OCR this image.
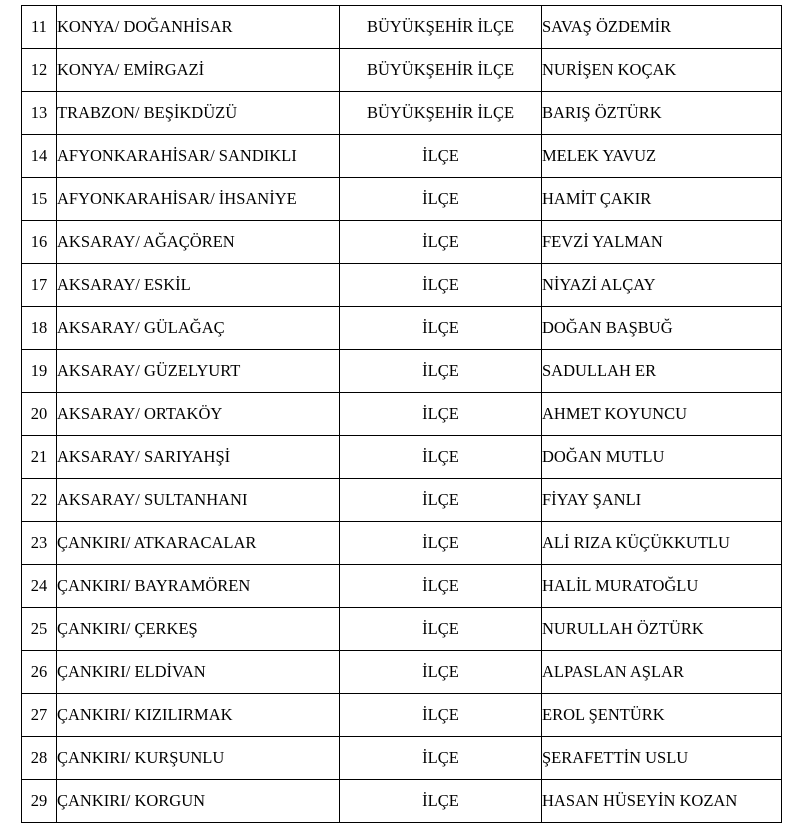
11	KONYA/ DOĞANHİSAR	BÜYÜKŞEHİR İLÇE	SAVAŞ ÖZDEMİR
12	KONYA/ EMİRGAZİ	BÜYÜKŞEHİR İLÇE	NURİŞEN KOÇAK
13	TRABZON/ BEŞİKDÜZÜ	BÜYÜKŞEHİR İLÇE	BARIŞ ÖZTÜRK
14	AFYONKARAHİSAR/ SANDIKLI	İLÇE	MELEK YAVUZ
15	AFYONKARAHİSAR/ İHSANİYE	İLÇE	HAMİT ÇAKIR
16	AKSARAY/ AĞAÇÖREN	İLÇE	FEVZİ YALMAN
17	AKSARAY/ ESKİL	İLÇE	NİYAZİ ALÇAY
18	AKSARAY/ GÜLAĞAÇ	İLÇE	DOĞAN BAŞBUĞ
19	AKSARAY/ GÜZELYURT	İLÇE	SADULLAH ER
20	AKSARAY/ ORTAKÖY	İLÇE	AHMET KOYUNCU
21	AKSARAY/ SARIYAHŞİ	İLÇE	DOĞAN MUTLU
22	AKSARAY/ SULTANHANI	İLÇE	FİYAY ŞANLI
23	ÇANKIRI/ ATKARACALAR	İLÇE	ALİ RIZA KÜÇÜKKUTLU
24	ÇANKIRI/ BAYRAMÖREN	İLÇE	HALİL MURATOĞLU
25	ÇANKIRI/ ÇERKEŞ	İLÇE	NURULLAH ÖZTÜRK
26	ÇANKIRI/ ELDİVAN	İLÇE	ALPASLAN AŞLAR
27	ÇANKIRI/ KIZILIRMAK	İLÇE	EROL ŞENTÜRK
28	ÇANKIRI/ KURŞUNLU	İLÇE	ŞERAFETTİN USLU
29	ÇANKIRI/ KORGUN	İLÇE	HASAN HÜSEYİN KOZAN
